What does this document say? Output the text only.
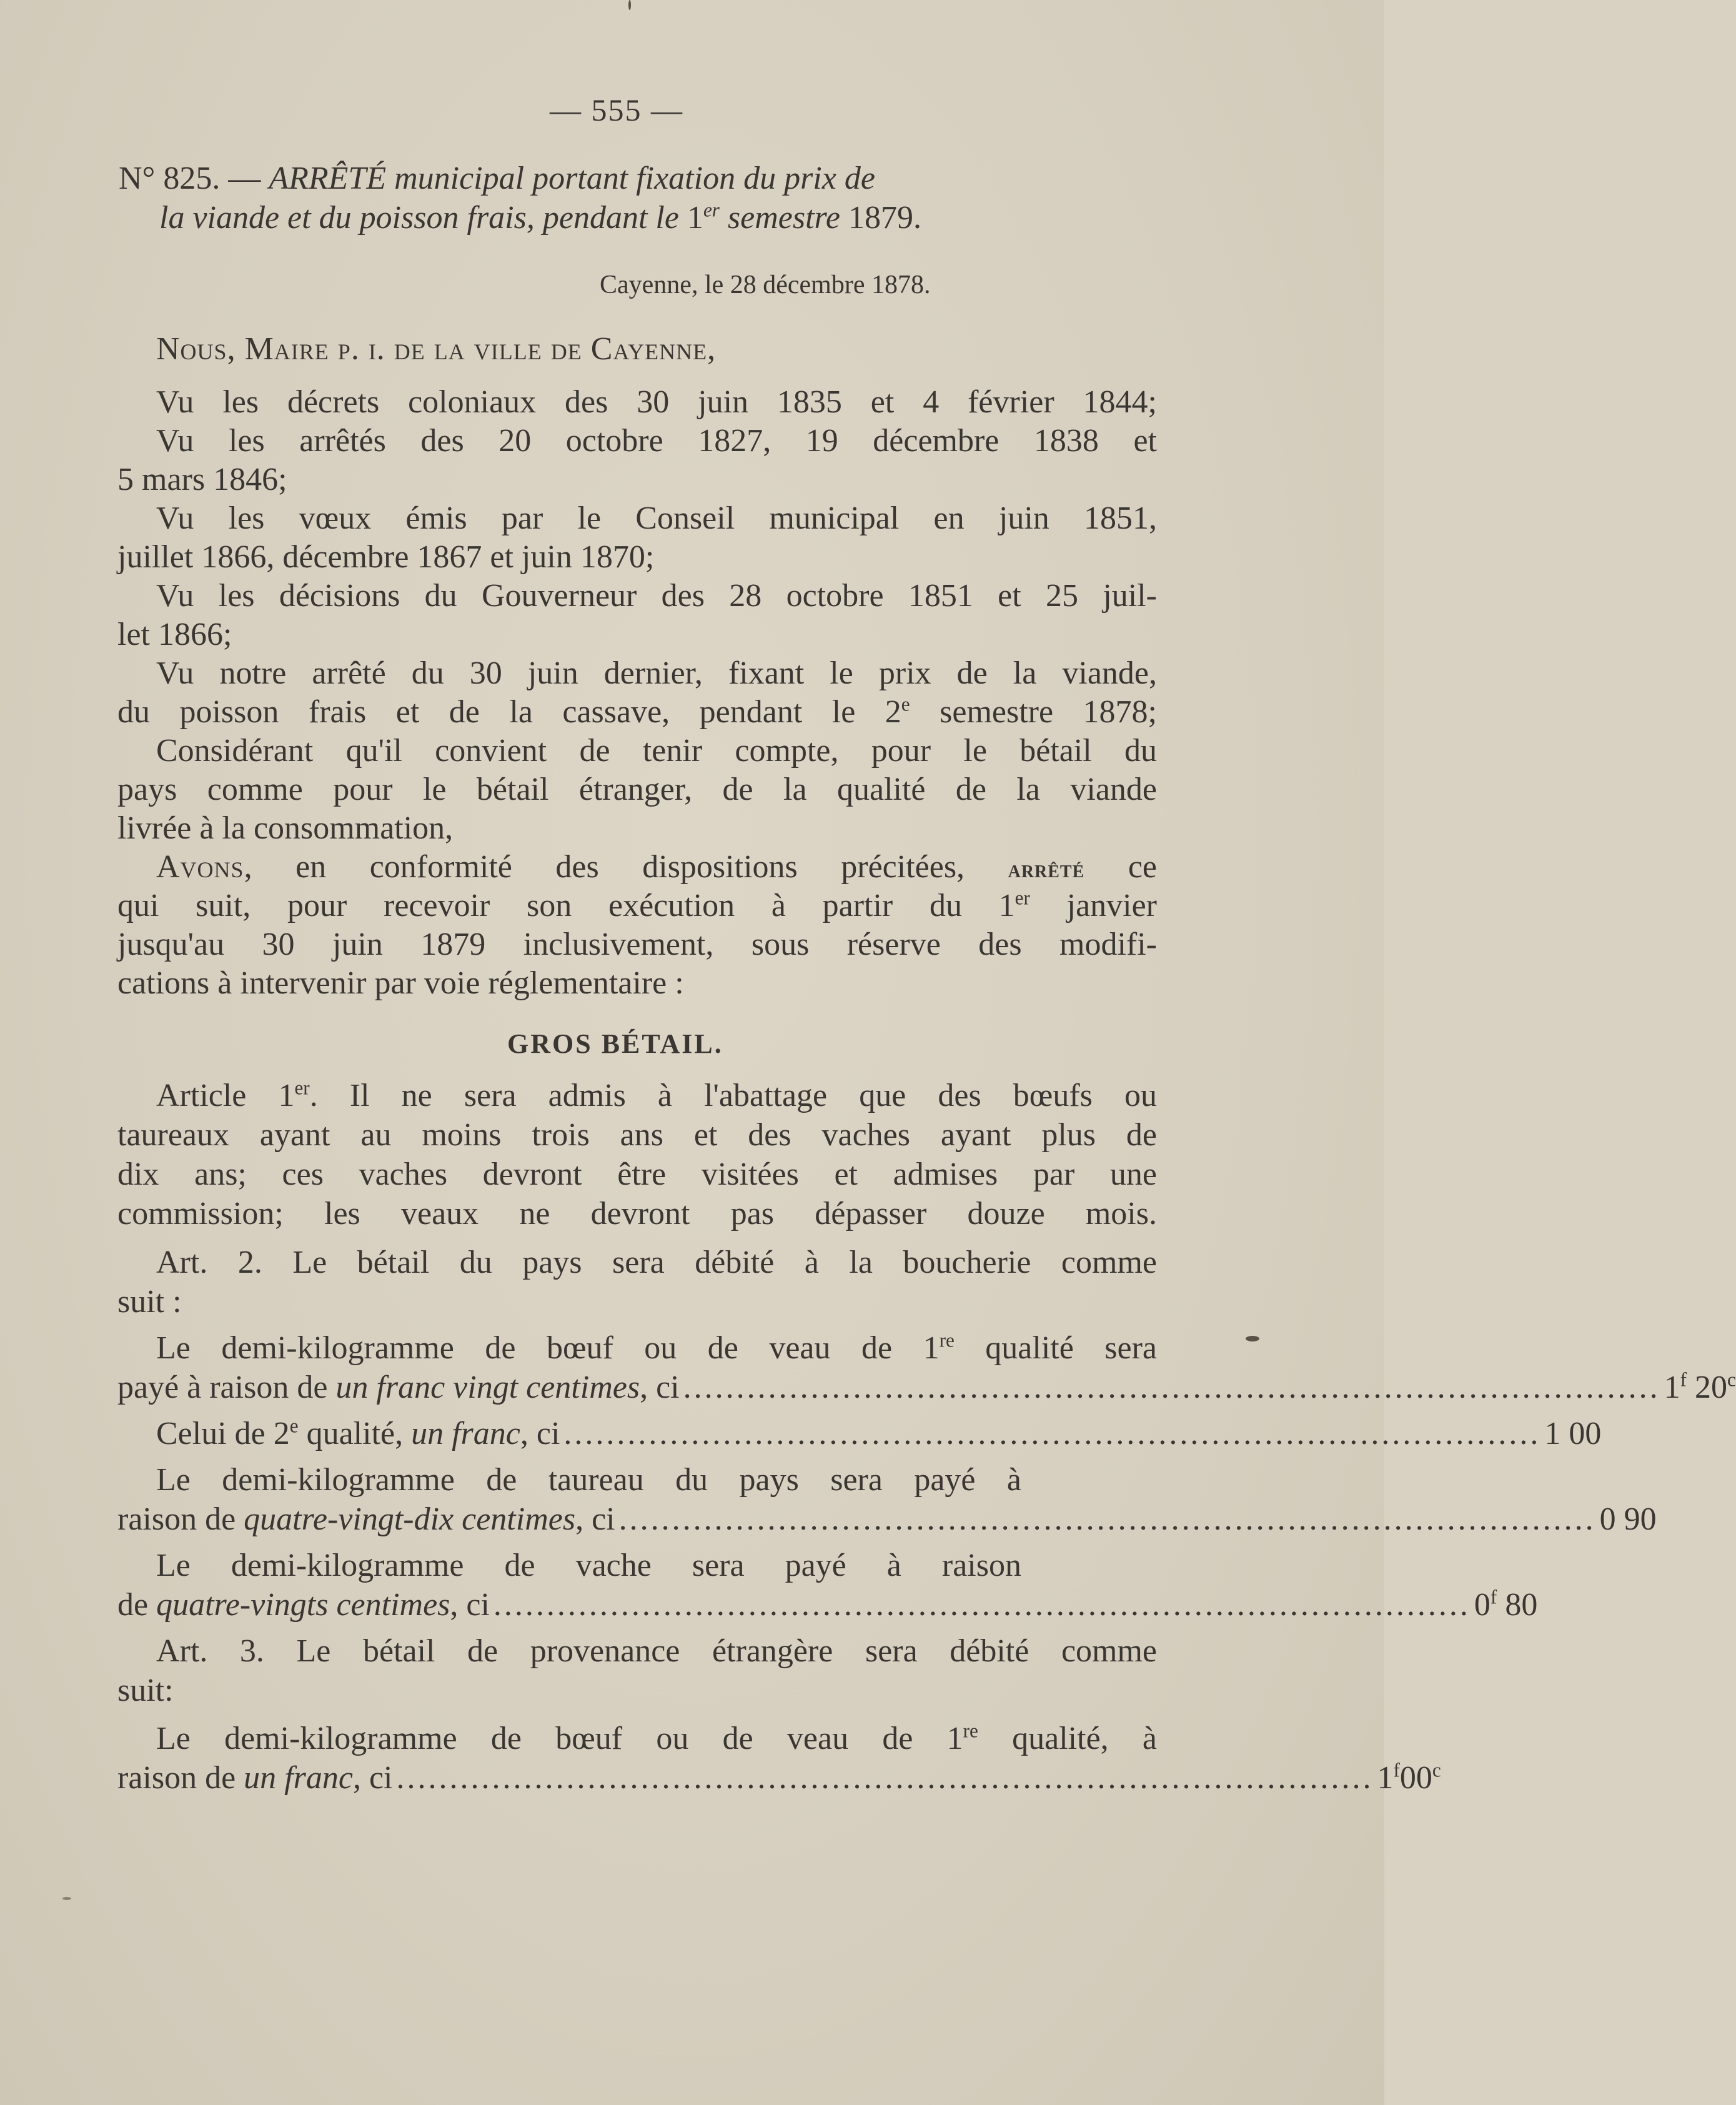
— 555 —
N° 825. — ARRÊTÉ municipal portant fixation du prix de
la viande et du poisson frais, pendant le 1er semestre 1879.
Cayenne, le 28 décembre 1878.
Nous, Maire p. i. de la ville de Cayenne,
Vu les décrets coloniaux des 30 juin 1835 et 4 février 1844;
Vu les arrêtés des 20 octobre 1827, 19 décembre 1838 et
5 mars 1846;
Vu les vœux émis par le Conseil municipal en juin 1851,
juillet 1866, décembre 1867 et juin 1870;
Vu les décisions du Gouverneur des 28 octobre 1851 et 25 juil-
let 1866;
Vu notre arrêté du 30 juin dernier, fixant le prix de la viande,
du poisson frais et de la cassave, pendant le 2e semestre 1878;
Considérant qu'il convient de tenir compte, pour le bétail du
pays comme pour le bétail étranger, de la qualité de la viande
livrée à la consommation,
Avons, en conformité des dispositions précitées, arrêté ce
qui suit, pour recevoir son exécution à partir du 1er janvier
jusqu'au 30 juin 1879 inclusivement, sous réserve des modifi-
cations à intervenir par voie réglementaire :
GROS BÉTAIL.
Article 1er. Il ne sera admis à l'abattage que des bœufs ou
taureaux ayant au moins trois ans et des vaches ayant plus de
dix ans; ces vaches devront être visitées et admises par une
commission; les veaux ne devront pas dépasser douze mois.
Art. 2. Le bétail du pays sera débité à la boucherie comme
suit :
Le demi-kilogramme de bœuf ou de veau de 1re qualité sera
payé à raison de un franc vingt centimes, ci ............................................................................................ 1$^f$ 20$^c$
Celui de 2e qualité, un franc, ci ............................................................................................ 1 00
Le demi-kilogramme de taureau du pays sera payé à
raison de quatre-vingt-dix centimes, ci ............................................................................................ 0 90
Le demi-kilogramme de vache sera payé à raison
de quatre-vingts centimes, ci ............................................................................................ 0$^f$ 80
Art. 3. Le bétail de provenance étrangère sera débité comme
suit:
Le demi-kilogramme de bœuf ou de veau de 1re qualité, à
raison de un franc, ci ............................................................................................ 1$^f$00$^c$
